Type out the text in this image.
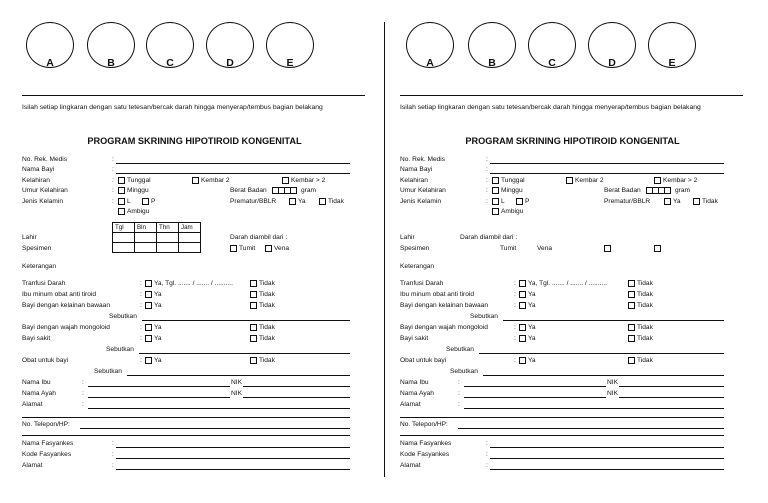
A	B	C	D	E
Isilah setiap lingkaran dengan satu tetesan/bercak darah hingga menyerap/tembus bagian belakang
PROGRAM SKRINING HIPOTIROID KONGENITAL
No. Rek. Medis	:
Nama Bayi	:
Kelahiran	: Tunggal	Kembar 2	Kembar > 2
Umur Kelahiran	: Minggu	Berat Badan	gram
Jenis Kelamin	: L	P	Prematur/BBLR	Ya	Tidak
Ambigu
Tgl	Bln	Thn	Jam

Lahir	Darah diambil dari :
Spesimen	Tumit	Vena
Keterangan
Tranfusi Darah	: Ya, Tgl. ....... / ....... / ..........	Tidak
Ibu minum obat anti tiroid	: Ya	Tidak
Bayi dengan kelainan bawaan	: Ya	Tidak
Sebutkan
Bayi dengan wajah mongoloid	: Ya	Tidak
Bayi sakit	: Ya	Tidak
Sebutkan
Obat untuk bayi	: Ya	Tidak
Sebutkan
Nama Ibu	:	NIK
Nama Ayah	:	NIK
Alamat	:
No. Telepon/HP:
Nama Fasyankes	:
Kode Fasyankes	:
Alamat	:
A	B	C	D	E
Isilah setiap lingkaran dengan satu tetesan/bercak darah hingga menyerap/tembus bagian belakang
PROGRAM SKRINING HIPOTIROID KONGENITAL
No. Rek. Medis	:
Nama Bayi	:
Kelahiran	: Tunggal	Kembar 2	Kembar > 2
Umur Kelahiran	: Minggu	Berat Badan	gram
Jenis Kelamin	: L	P	Prematur/BBLR	Ya	Tidak
Ambigu
Lahir	Darah diambil dari :
Spesimen	Tumit	Vena
Keterangan
Tranfusi Darah	: Ya, Tgl. ....... / ....... / ..........	Tidak
Ibu minum obat anti tiroid	: Ya	Tidak
Bayi dengan kelainan bawaan	: Ya	Tidak
Sebutkan
Bayi dengan wajah mongoloid	: Ya	Tidak
Bayi sakit	: Ya	Tidak
Sebutkan
Obat untuk bayi	: Ya	Tidak
Sebutkan
Nama Ibu	:	NIK
Nama Ayah	:	NIK
Alamat	:
No. Telepon/HP:
Nama Fasyankes	:
Kode Fasyankes	:
Alamat	:
